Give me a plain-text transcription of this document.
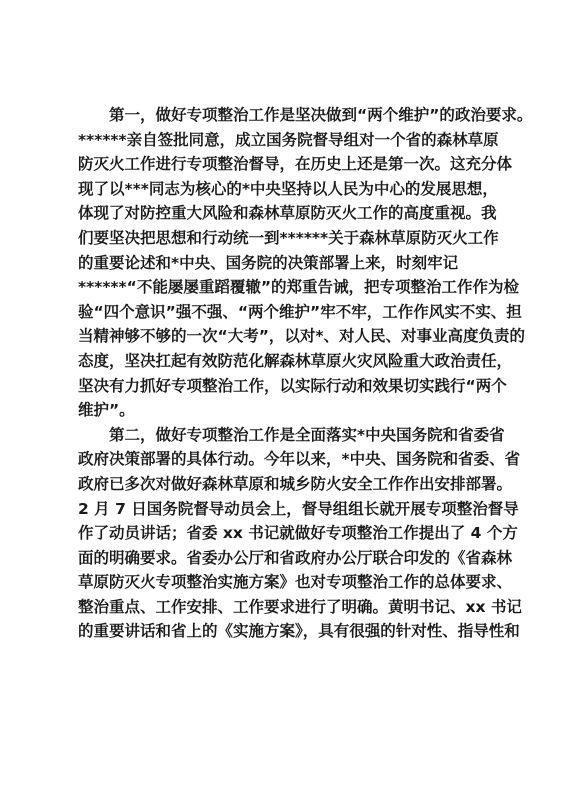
第一，做好专项整治工作是坚决做到“两个维护”的政治要求。
******亲自签批同意，成立国务院督导组对一个省的森林草原
防灭火工作进行专项整治督导，在历史上还是第一次。这充分体
现了以***同志为核心的*中央坚持以人民为中心的发展思想，
体现了对防控重大风险和森林草原防灭火工作的高度重视。我
们要坚决把思想和行动统一到******关于森林草原防灭火工作
的重要论述和*中央、国务院的决策部署上来，时刻牢记
******“不能屡屡重蹈覆辙”的郑重告诫，把专项整治工作作为检
验“四个意识”强不强、“两个维护”牢不牢，工作作风实不实、担
当精神够不够的一次“大考”，以对*、对人民、对事业高度负责的
态度，坚决扛起有效防范化解森林草原火灾风险重大政治责任，
坚决有力抓好专项整治工作，以实际行动和效果切实践行“两个
维护”。
第二，做好专项整治工作是全面落实*中央国务院和省委省
政府决策部署的具体行动。今年以来，*中央、国务院和省委、省
政府已多次对做好森林草原和城乡防火安全工作作出安排部署。
2 月 7 日国务院督导动员会上，督导组组长就开展专项整治督导
作了动员讲话；省委 xx 书记就做好专项整治工作提出了 4 个方
面的明确要求。省委办公厅和省政府办公厅联合印发的《省森林
草原防灭火专项整治实施方案》也对专项整治工作的总体要求、
整治重点、工作安排、工作要求进行了明确。黄明书记、xx 书记
的重要讲话和省上的《实施方案》，具有很强的针对性、指导性和
